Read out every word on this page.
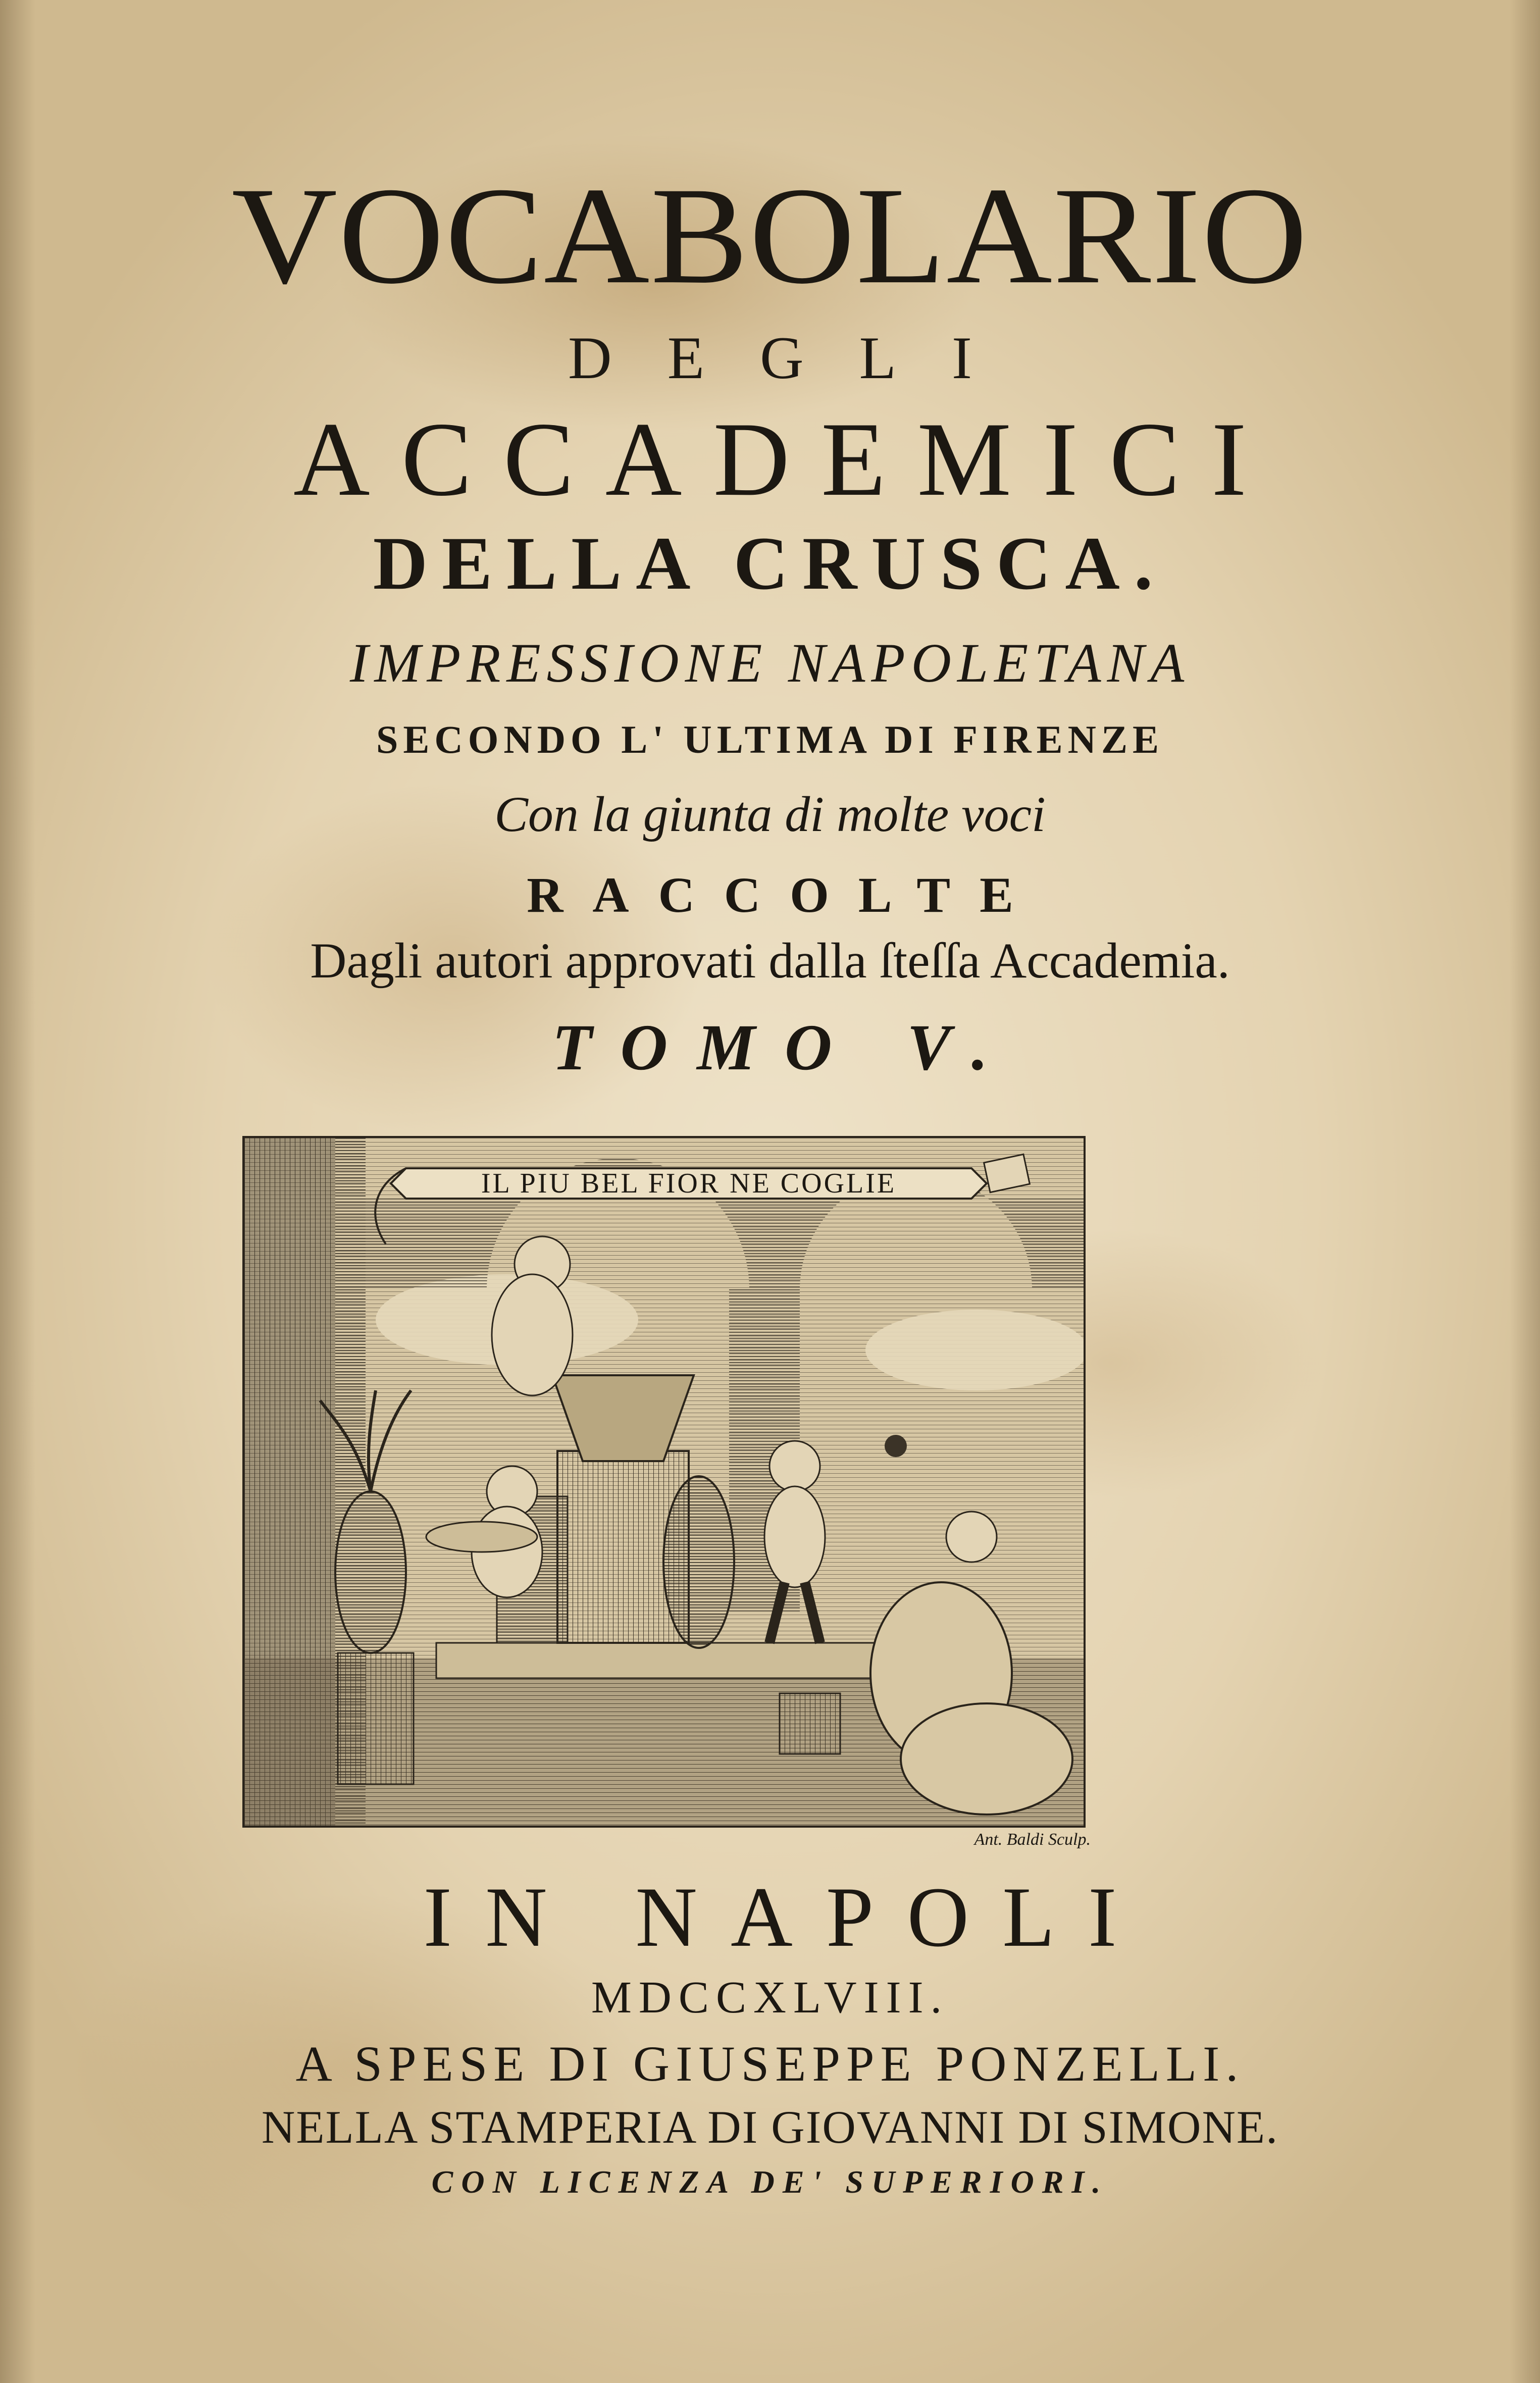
VOCABOLARIO
DEGLI
ACCADEMICI
DELLA CRUSCA.
IMPRESSIONE NAPOLETANA
SECONDO L' ULTIMA DI FIRENZE
Con la giunta di molte voci
RACCOLTE
Dagli autori approvati dalla ſteſſa Accademia.
TOMO V.
IL PIU BEL FIOR NE COGLIE
Ant. Baldi Sculp.
IN NAPOLI
MDCCXLVIII.
A SPESE DI GIUSEPPE PONZELLI.
NELLA STAMPERIA DI GIOVANNI DI SIMONE.
CON LICENZA DE' SUPERIORI.
